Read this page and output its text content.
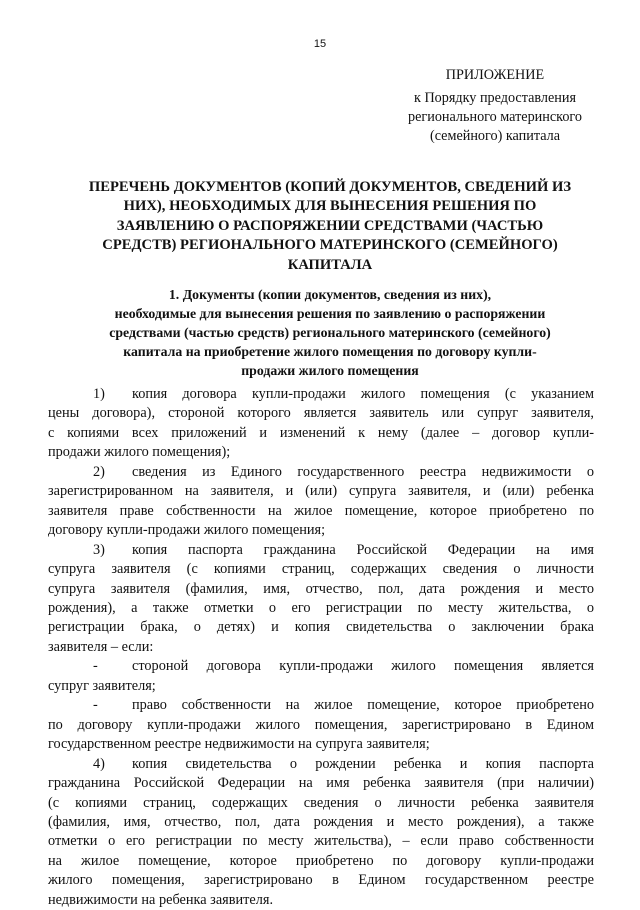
15
ПРИЛОЖЕНИЕ
к Порядку предоставления
регионального материнского
(семейного) капитала
ПЕРЕЧЕНЬ ДОКУМЕНТОВ (КОПИЙ ДОКУМЕНТОВ, СВЕДЕНИЙ ИЗ
НИХ), НЕОБХОДИМЫХ ДЛЯ ВЫНЕСЕНИЯ РЕШЕНИЯ ПО
ЗАЯВЛЕНИЮ О РАСПОРЯЖЕНИИ СРЕДСТВАМИ (ЧАСТЬЮ
СРЕДСТВ) РЕГИОНАЛЬНОГО МАТЕРИНСКОГО (СЕМЕЙНОГО)
КАПИТАЛА
1. Документы (копии документов, сведения из них),
необходимые для вынесения решения по заявлению о распоряжении
средствами (частью средств) регионального материнского (семейного)
капитала на приобретение жилого помещения по договору купли-
продажи жилого помещения
1) копия договора купли-продажи жилого помещения (с указанием
цены договора), стороной которого является заявитель или супруг заявителя,
с копиями всех приложений и изменений к нему (далее – договор купли-
продажи жилого помещения);
2) сведения из Единого государственного реестра недвижимости о
зарегистрированном на заявителя, и (или) супруга заявителя, и (или) ребенка
заявителя праве собственности на жилое помещение, которое приобретено по
договору купли-продажи жилого помещения;
3) копия паспорта гражданина Российской Федерации на имя
супруга заявителя (с копиями страниц, содержащих сведения о личности
супруга заявителя (фамилия, имя, отчество, пол, дата рождения и место
рождения), а также отметки о его регистрации по месту жительства, о
регистрации брака, о детях) и копия свидетельства о заключении брака
заявителя – если:
- стороной договора купли-продажи жилого помещения является
супруг заявителя;
- право собственности на жилое помещение, которое приобретено
по договору купли-продажи жилого помещения, зарегистрировано в Едином
государственном реестре недвижимости на супруга заявителя;
4) копия свидетельства о рождении ребенка и копия паспорта
гражданина Российской Федерации на имя ребенка заявителя (при наличии)
(с копиями страниц, содержащих сведения о личности ребенка заявителя
(фамилия, имя, отчество, пол, дата рождения и место рождения), а также
отметки о его регистрации по месту жительства), – если право собственности
на жилое помещение, которое приобретено по договору купли-продажи
жилого помещения, зарегистрировано в Едином государственном реестре
недвижимости на ребенка заявителя.
